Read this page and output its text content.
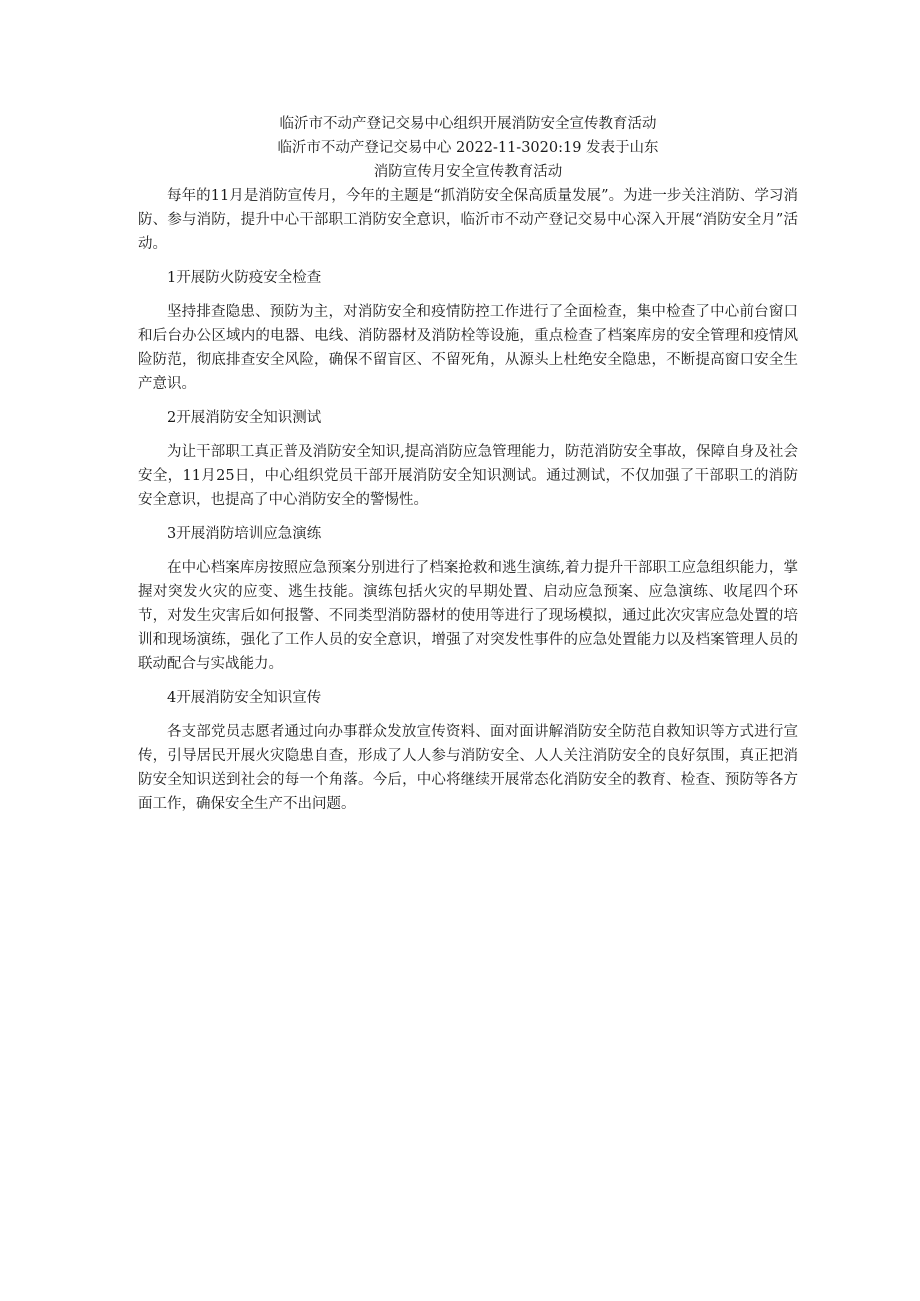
临沂市不动产登记交易中心组织开展消防安全宣传教育活动
临沂市不动产登记交易中心 2022-11-3020:19 发表于山东
消防宣传月安全宣传教育活动

每年的11月是消防宣传月，今年的主题是“抓消防安全保高质量发展”。为进一步关注消防、学习消防、参与消防，提升中心干部职工消防安全意识，临沂市不动产登记交易中心深入开展“消防安全月”活动。

1开展防火防疫安全检查

坚持排查隐患、预防为主，对消防安全和疫情防控工作进行了全面检查，集中检查了中心前台窗口和后台办公区域内的电器、电线、消防器材及消防栓等设施，重点检查了档案库房的安全管理和疫情风险防范，彻底排查安全风险，确保不留盲区、不留死角，从源头上杜绝安全隐患，不断提高窗口安全生产意识。

2开展消防安全知识测试

为让干部职工真正普及消防安全知识,提高消防应急管理能力，防范消防安全事故，保障自身及社会安全，11月25日，中心组织党员干部开展消防安全知识测试。通过测试，不仅加强了干部职工的消防安全意识，也提高了中心消防安全的警惕性。

3开展消防培训应急演练

在中心档案库房按照应急预案分别进行了档案抢救和逃生演练,着力提升干部职工应急组织能力，掌握对突发火灾的应变、逃生技能。演练包括火灾的早期处置、启动应急预案、应急演练、收尾四个环节，对发生灾害后如何报警、不同类型消防器材的使用等进行了现场模拟，通过此次灾害应急处置的培训和现场演练，强化了工作人员的安全意识，增强了对突发性事件的应急处置能力以及档案管理人员的联动配合与实战能力。

4开展消防安全知识宣传

各支部党员志愿者通过向办事群众发放宣传资料、面对面讲解消防安全防范自救知识等方式进行宣传，引导居民开展火灾隐患自查，形成了人人参与消防安全、人人关注消防安全的良好氛围，真正把消防安全知识送到社会的每一个角落。今后，中心将继续开展常态化消防安全的教育、检查、预防等各方面工作，确保安全生产不出问题。
